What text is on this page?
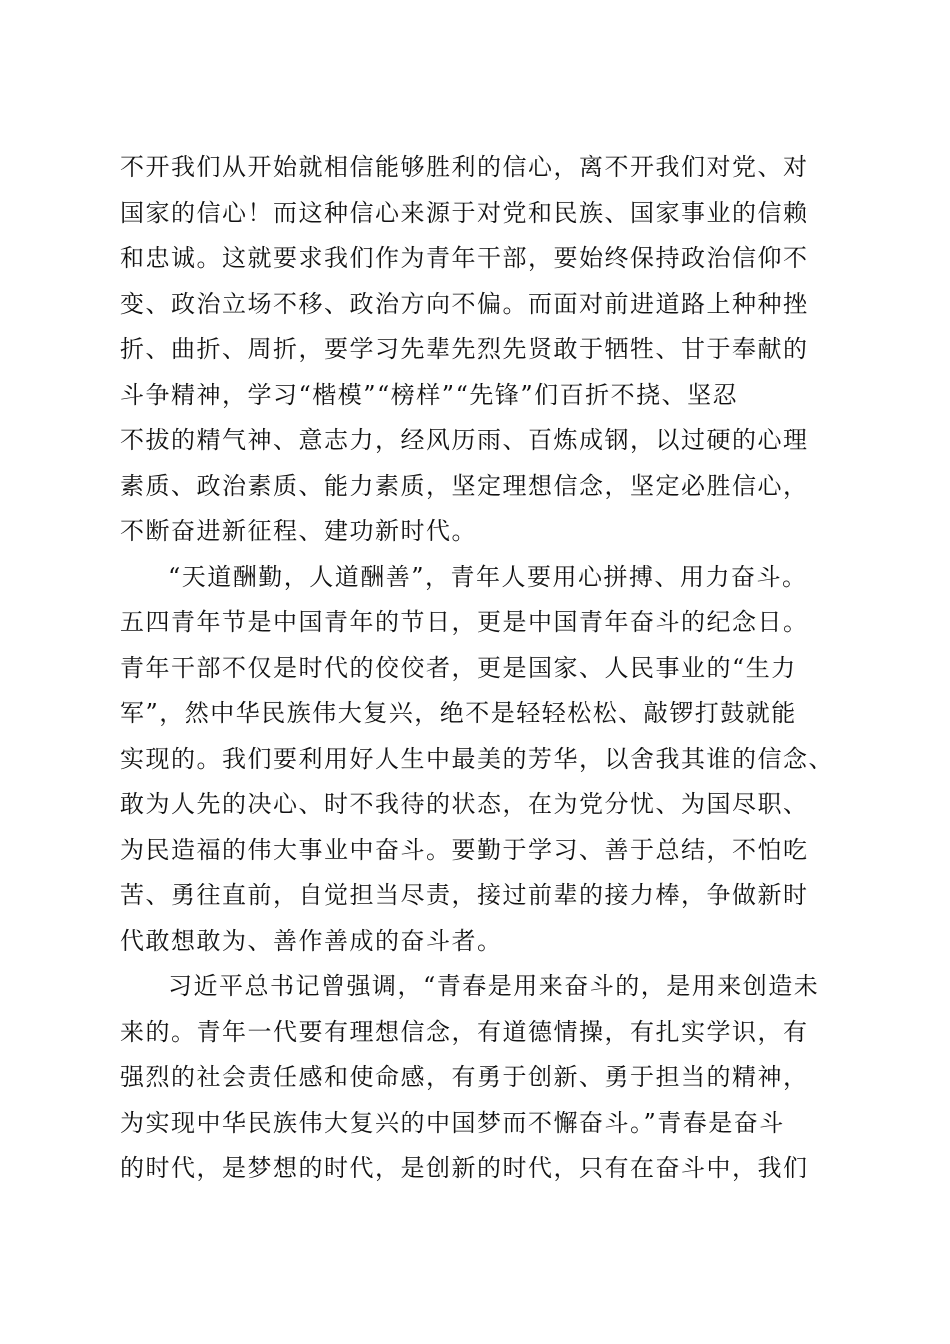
不开我们从开始就相信能够胜利的信心，离不开我们对党、对
国家的信心！而这种信心来源于对党和民族、国家事业的信赖
和忠诚。这就要求我们作为青年干部，要始终保持政治信仰不
变、政治立场不移、政治方向不偏。而面对前进道路上种种挫
折、曲折、周折，要学习先辈先烈先贤敢于牺牲、甘于奉献的
斗争精神，学习“楷模”“榜样”“先锋”们百折不挠、坚忍
不拔的精气神、意志力，经风历雨、百炼成钢，以过硬的心理
素质、政治素质、能力素质，坚定理想信念，坚定必胜信心，
不断奋进新征程、建功新时代。
“天道酬勤，人道酬善”，青年人要用心拼搏、用力奋斗。
五四青年节是中国青年的节日，更是中国青年奋斗的纪念日。
青年干部不仅是时代的佼佼者，更是国家、人民事业的“生力
军”，然中华民族伟大复兴，绝不是轻轻松松、敲锣打鼓就能
实现的。我们要利用好人生中最美的芳华，以舍我其谁的信念、
敢为人先的决心、时不我待的状态，在为党分忧、为国尽职、
为民造福的伟大事业中奋斗。要勤于学习、善于总结，不怕吃
苦、勇往直前，自觉担当尽责，接过前辈的接力棒，争做新时
代敢想敢为、善作善成的奋斗者。
习近平总书记曾强调，“青春是用来奋斗的，是用来创造未
来的。青年一代要有理想信念，有道德情操，有扎实学识，有
强烈的社会责任感和使命感，有勇于创新、勇于担当的精神，
为实现中华民族伟大复兴的中国梦而不懈奋斗。”青春是奋斗
的时代，是梦想的时代，是创新的时代，只有在奋斗中，我们
